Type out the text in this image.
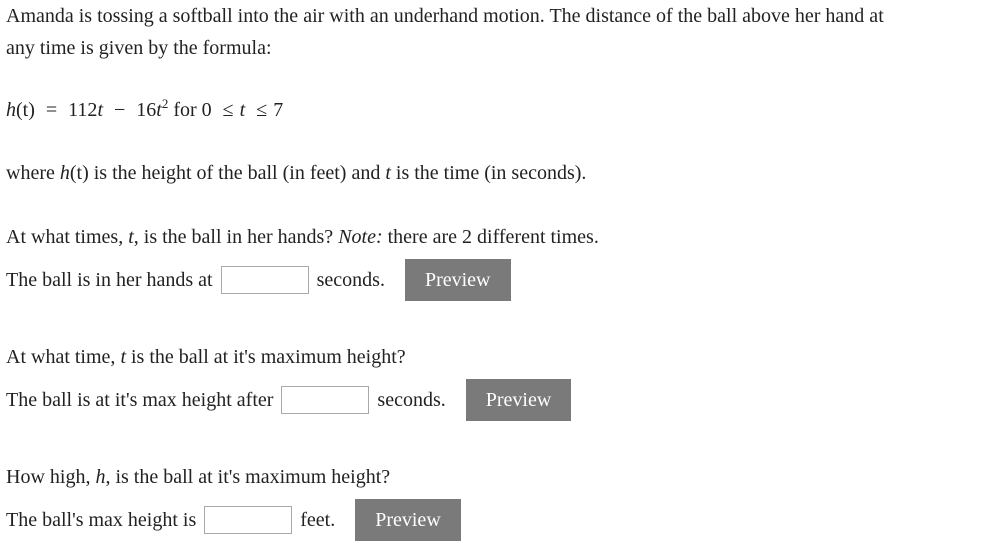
Amanda is tossing a softball into the air with an underhand motion. The distance of the ball above her hand at
any time is given by the formula:
$h(t) = 112t - 16t^2$ for 0 ≤ t ≤ 7
where h(t) is the height of the ball (in feet) and t is the time (in seconds).
At what times, t, is the ball in her hands? Note: there are 2 different times.
The ball is in her hands at	seconds.	Preview
At what time, t is the ball at it's maximum height?
The ball is at it's max height after	seconds.	Preview
How high, h, is the ball at it's maximum height?
The ball's max height is	feet.	Preview
